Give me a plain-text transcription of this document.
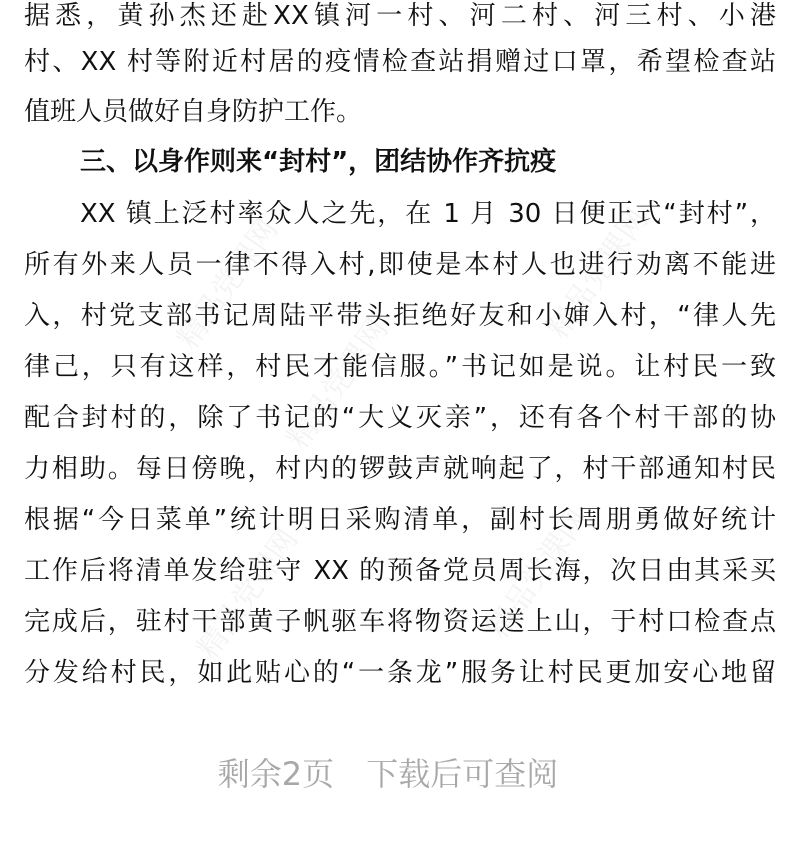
精品党课网	精品党课网
精品党课网
精品党课网	精品党课网
据悉，黄孙杰还赴XX镇河一村、河二村、河三村、小港
村、XX 村等附近村居的疫情检查站捐赠过口罩，希望检查站
值班人员做好自身防护工作。
三、以身作则来“封村”，团结协作齐抗疫
XX 镇上泛村率众人之先，在 1 月 30 日便正式“封村”，
所有外来人员一律不得入村,即使是本村人也进行劝离不能进
入，村党支部书记周陆平带头拒绝好友和小婶入村，“律人先
律己，只有这样，村民才能信服。”书记如是说。让村民一致
配合封村的，除了书记的“大义灭亲”，还有各个村干部的协
力相助。每日傍晚，村内的锣鼓声就响起了，村干部通知村民
根据“今日菜单”统计明日采购清单，副村长周朋勇做好统计
工作后将清单发给驻守 XX 的预备党员周长海，次日由其采买
完成后，驻村干部黄子帆驱车将物资运送上山，于村口检查点
分发给村民，如此贴心的“一条龙”服务让村民更加安心地留
剩余2页 下载后可查阅
